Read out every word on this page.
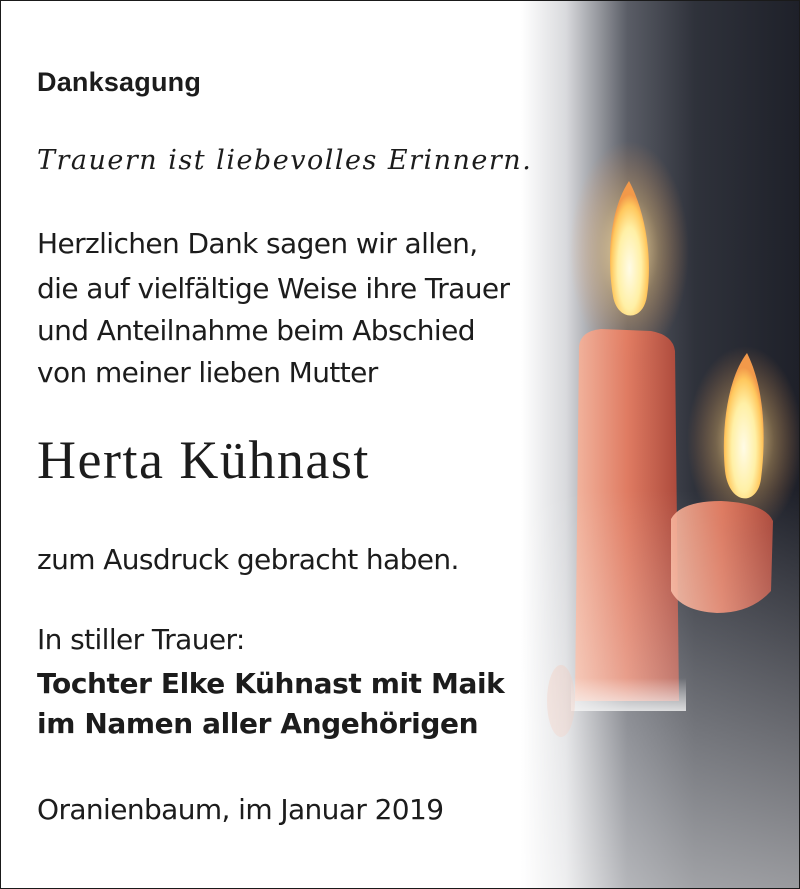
Danksagung
Trauern ist liebevolles Erinnern.
Herzlichen Dank sagen wir allen,
die auf vielfältige Weise ihre Trauer
und Anteilnahme beim Abschied
von meiner lieben Mutter
Herta Kühnast
zum Ausdruck gebracht haben.
In stiller Trauer:
Tochter Elke Kühnast mit Maik
im Namen aller Angehörigen
Oranienbaum, im Januar 2019
